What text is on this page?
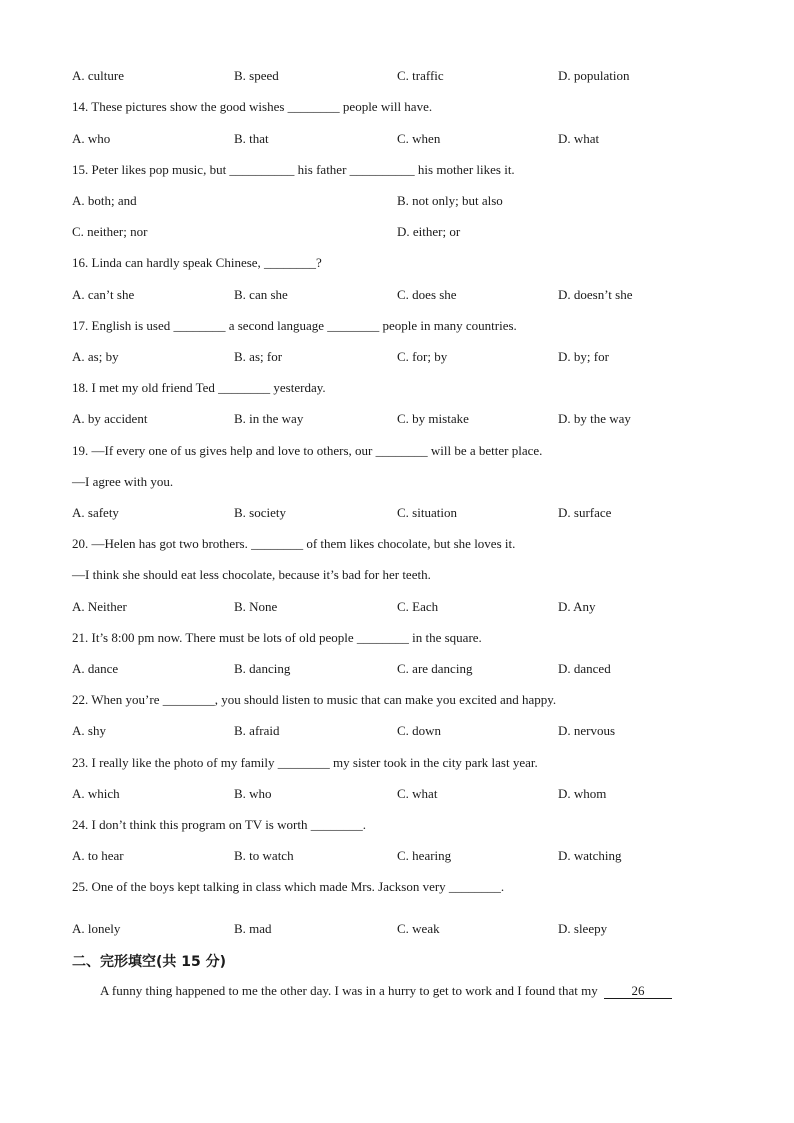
A. culture	B. speed	C. traffic	D. population
14. These pictures show the good wishes ________ people will have.
A. who	B. that	C. when	D. what
15. Peter likes pop music, but __________ his father __________ his mother likes it.
A. both; and	B. not only; but also
C. neither; nor	D. either; or
16. Linda can hardly speak Chinese, ________?
A. can’t she	B. can she	C. does she	D. doesn’t she
17. English is used ________ a second language ________ people in many countries.
A. as; by	B. as; for	C. for; by	D. by; for
18. I met my old friend Ted ________ yesterday.
A. by accident	B. in the way	C. by mistake	D. by the way
19. —If every one of us gives help and love to others, our ________ will be a better place.
—I agree with you.
A. safety	B. society	C. situation	D. surface
20. —Helen has got two brothers. ________ of them likes chocolate, but she loves it.
—I think she should eat less chocolate, because it’s bad for her teeth.
A. Neither	B. None	C. Each	D. Any
21. It’s 8:00 pm now. There must be lots of old people ________ in the square.
A. dance	B. dancing	C. are dancing	D. danced
22. When you’re ________, you should listen to music that can make you excited and happy.
A. shy	B. afraid	C. down	D. nervous
23. I really like the photo of my family ________ my sister took in the city park last year.
A. which	B. who	C. what	D. whom
24. I don’t think this program on TV is worth ________.
A. to hear	B. to watch	C. hearing	D. watching
25. One of the boys kept talking in class which made Mrs. Jackson very ________.
A. lonely	B. mad	C. weak	D. sleepy
二、完形填空(共 15 分)
A funny thing happened to me the other day. I was in a hurry to get to work and I found that my	26
